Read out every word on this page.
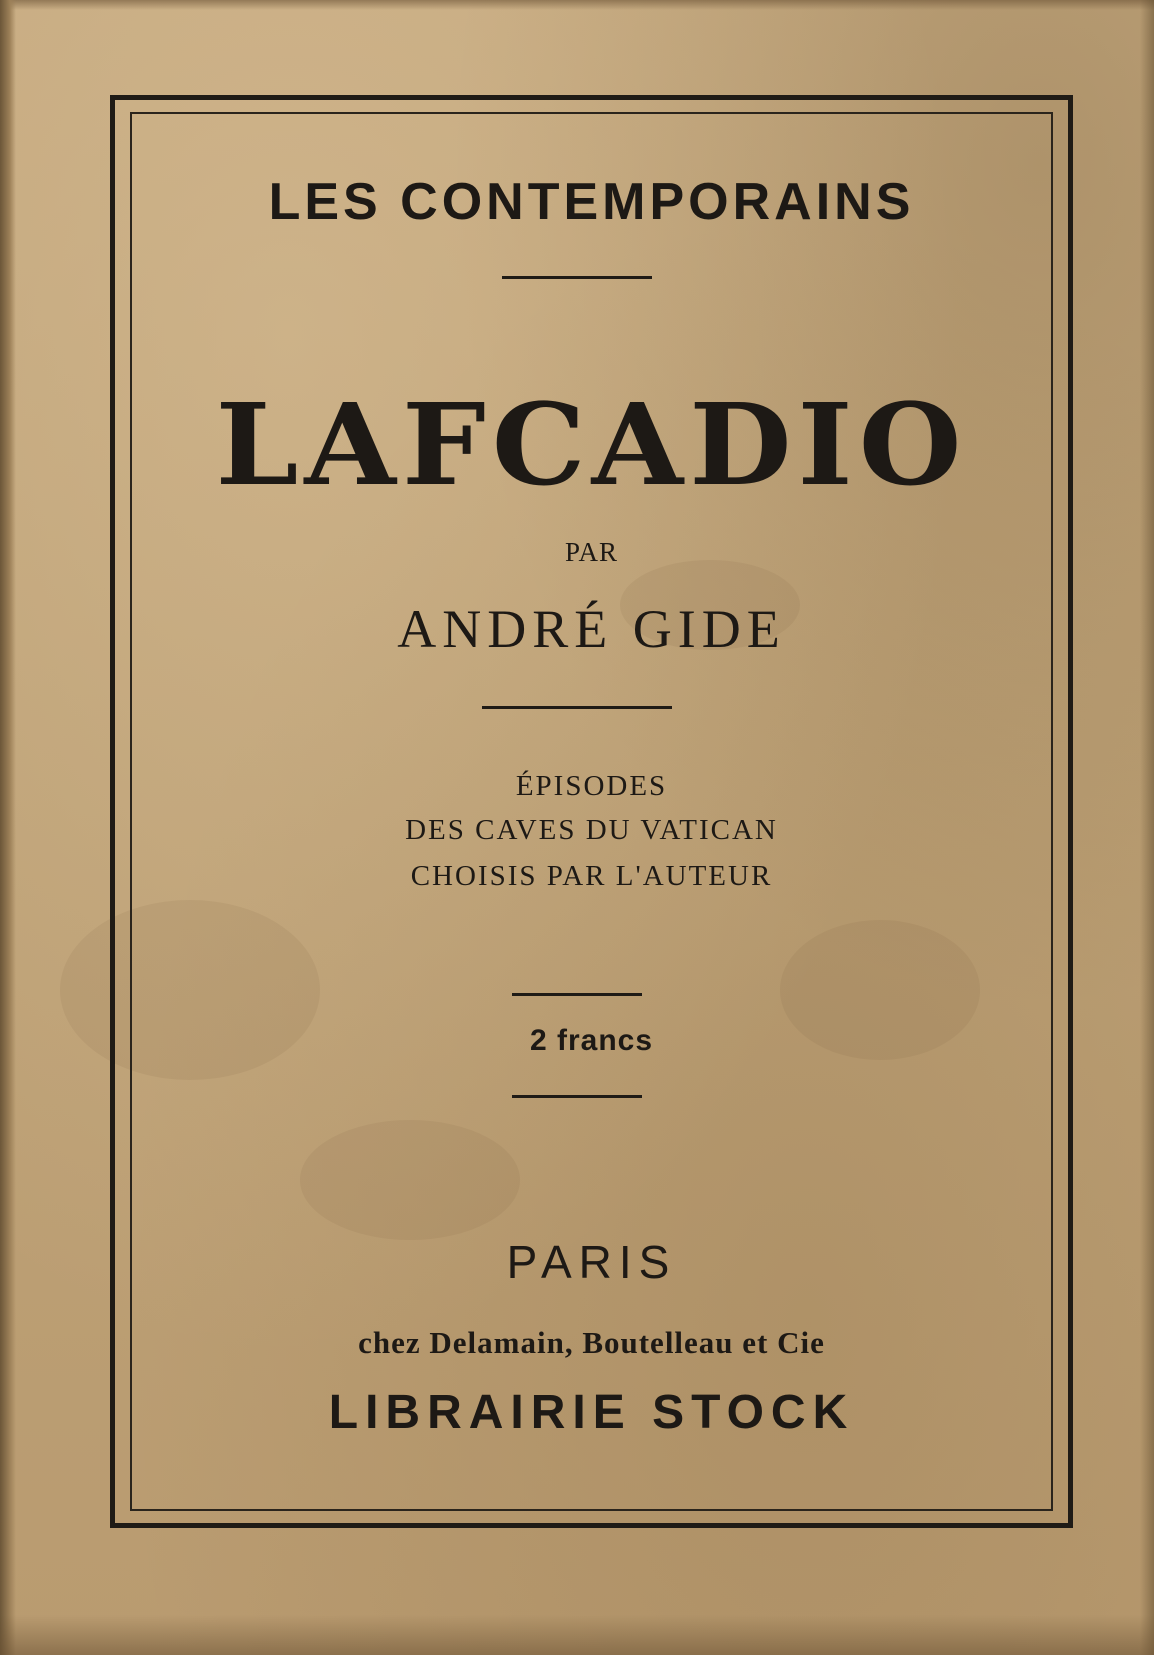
LES CONTEMPORAINS
LAFCADIO
PAR
ANDRÉ GIDE
ÉPISODES
DES CAVES DU VATICAN
CHOISIS PAR L'AUTEUR
2 francs
PARIS
chez Delamain, Boutelleau et Cie
LIBRAIRIE STOCK
